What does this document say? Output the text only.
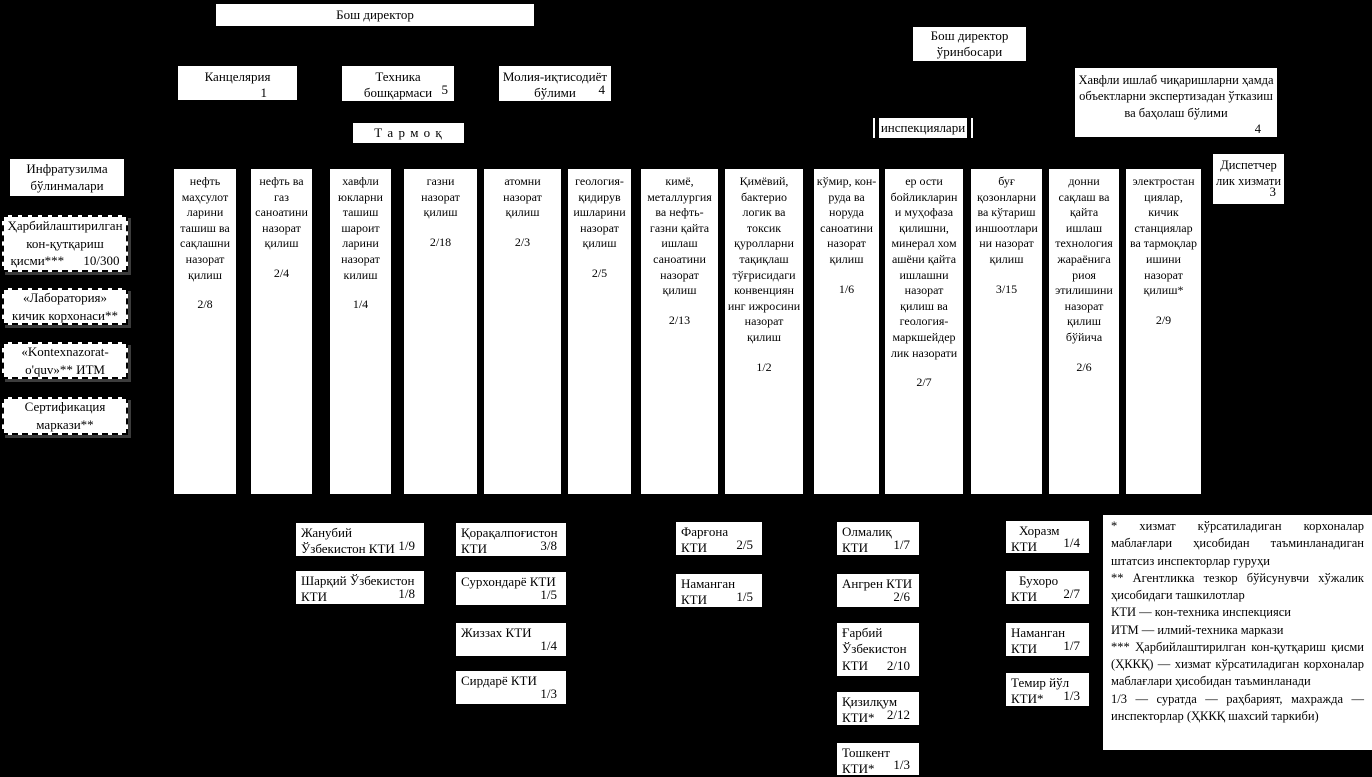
Бош директор
Бош директор ўринбосари
Канцелярия
1
Техника бошқармаси 5
Молия-иқтисодиёт бўлими 4
Т а р м о қ	инспекциялари
Хавфли ишлаб чиқаришларни ҳамда объектларни экспертизадан ўтказиш ва баҳолаш бўлими
4
Диспетчер лик хизмати
3
Инфратузилма бўлинмалари
Ҳарбийлаштирилган кон-қутқариш қисми*** 10/300
«Лаборатория» кичик корхонаси**
«Kontexnazorat-o'quv»** ИТМ
Сертификация маркази**
нефть маҳсулот ларини ташиш ва сақлашни назорат қилиш
2/8
нефть ва газ саноатини назорат қилиш
2/4
хавфли юкларни ташиш шароит ларини назорат килиш
1/4
газни назорат қилиш
2/18
атомни назорат қилиш
2/3
геология- қидирув ишларини назорат қилиш
2/5
кимё, металлургия ва нефть- газни қайта ишлаш саноатини назорат қилиш
2/13
Қимёвий, бактерио логик ва токсик қуролларни тақиқлаш тўғрисидаги конвенциян инг ижросини назорат қилиш
1/2
кўмир, кон-руда ва норуда саноатини назорат қилиш
1/6
ер ости бойликларин и муҳофаза қилишни, минерал хом ашёни қайта ишлашни назорат қилиш ва геология- маркшейдер лик назорати
2/7
буғ қозонларни ва кўтариш иншоотлари ни назорат қилиш
3/15
донни сақлаш ва қайта ишлаш технология жараёнига риоя этилишини назорат қилиш бўйича
2/6
электростан циялар, кичик станциялар ва тармоқлар ишини назорат қилиш*
2/9
Жанубий Ўзбекистон КТИ 1/9
Шарқий Ўзбекистон КТИ	1/8
Қорақалпоғистон КТИ	3/8
Сурхондарё КТИ
1/5
Жиззах КТИ
1/4
Сирдарё КТИ
1/3
Фарғона КТИ 2/5
Наманган КТИ 1/5
Олмалиқ КТИ 1/7
Ангрен КТИ
2/6
Ғарбий Ўзбекистон КТИ 2/10
Қизилқум КТИ* 2/12
Тошкент КТИ* 1/3
Хоразм КТИ 1/4
Бухоро КТИ 2/7
Наманган КТИ 1/7
Темир йўл КТИ* 1/3

* хизмат кўрсатиладиган корхоналар маблағлари ҳисобидан таъминланадиган штатсиз инспекторлар гуруҳи

** Агентликка тезкор бўйсунувчи хўжалик ҳисобидаги ташкилотлар

КТИ — кон-техника инспекцияси

ИТМ — илмий-техника маркази

*** Ҳарбийлаштирилган кон-қутқариш қисми (ҲККҚ) — хизмат кўрсатиладиган корхоналар маблағлари ҳисобидан таъминланади

1/3 — суратда — раҳбарият, махражда — инспекторлар (ҲККҚ шахсий таркиби)
